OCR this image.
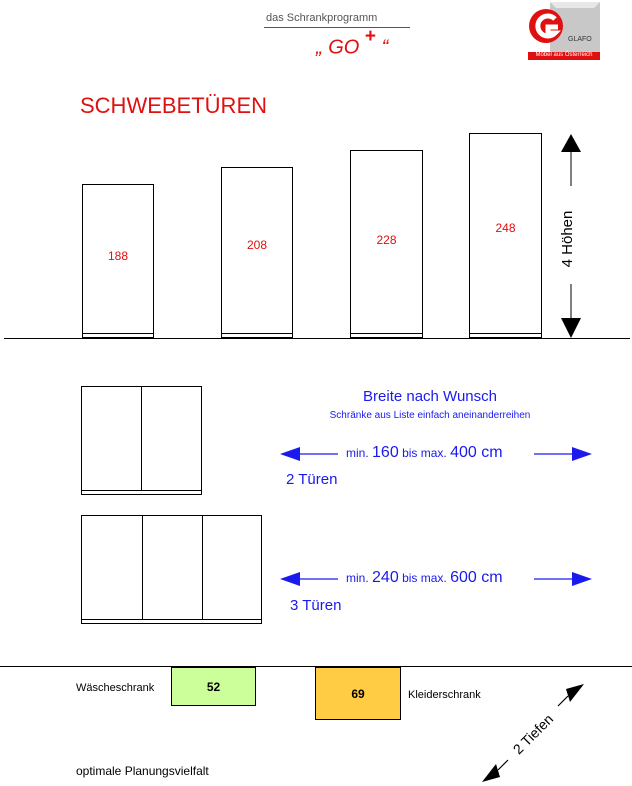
das Schrankprogramm
„ GO + “	GLAFO
Möbel aus Österreich
SCHWEBETÜREN
188
208	228
248	4 Höhen
Breite nach Wunsch
Schränke aus Liste einfach aneinanderreihen
min. 160 bis max. 400 cm
2 Türen
min. 240 bis max. 600 cm
3 Türen
Wäscheschrank	52	69	Kleiderschrank
2 Tiefen
optimale Planungsvielfalt
